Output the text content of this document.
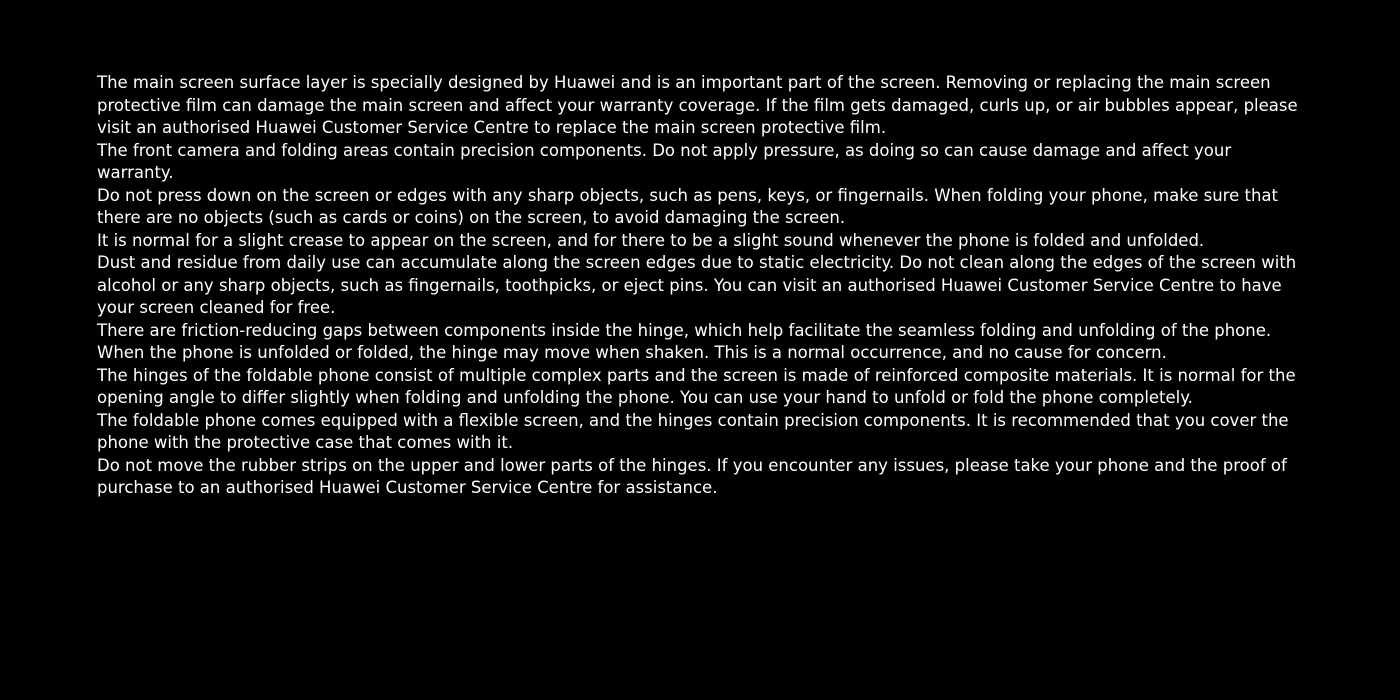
The main screen surface layer is specially designed by Huawei and is an important part of the screen. Removing or replacing the main screen protective film can damage the main screen and affect your warranty coverage. If the film gets damaged, curls up, or air bubbles appear, please visit an authorised Huawei Customer Service Centre to replace the main screen protective film.

The front camera and folding areas contain precision components. Do not apply pressure, as doing so can cause damage and affect your warranty.

Do not press down on the screen or edges with any sharp objects, such as pens, keys, or fingernails. When folding your phone, make sure that there are no objects (such as cards or coins) on the screen, to avoid damaging the screen.

It is normal for a slight crease to appear on the screen, and for there to be a slight sound whenever the phone is folded and unfolded.

Dust and residue from daily use can accumulate along the screen edges due to static electricity. Do not clean along the edges of the screen with alcohol or any sharp objects, such as fingernails, toothpicks, or eject pins. You can visit an authorised Huawei Customer Service Centre to have your screen cleaned for free.

There are friction-reducing gaps between components inside the hinge, which help facilitate the seamless folding and unfolding of the phone. When the phone is unfolded or folded, the hinge may move when shaken. This is a normal occurrence, and no cause for concern.

The hinges of the foldable phone consist of multiple complex parts and the screen is made of reinforced composite materials. It is normal for the opening angle to differ slightly when folding and unfolding the phone. You can use your hand to unfold or fold the phone completely.

The foldable phone comes equipped with a flexible screen, and the hinges contain precision components. It is recommended that you cover the phone with the protective case that comes with it.

Do not move the rubber strips on the upper and lower parts of the hinges. If you encounter any issues, please take your phone and the proof of purchase to an authorised Huawei Customer Service Centre for assistance.
